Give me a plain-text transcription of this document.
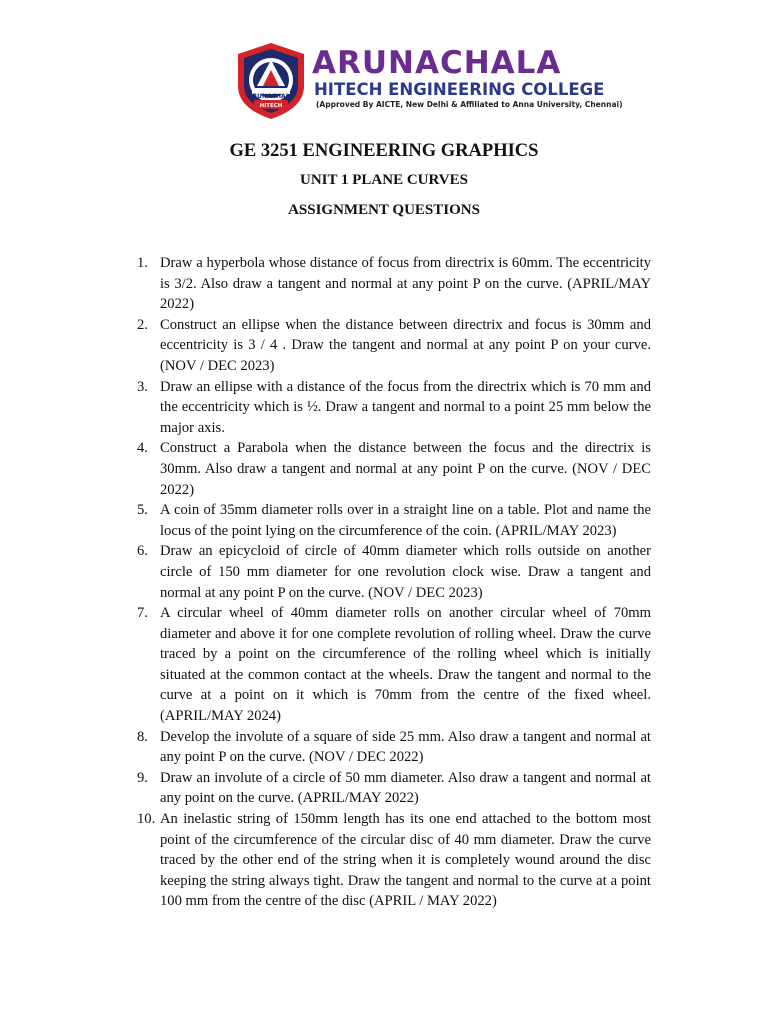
ARUNACHALA
HITECH
ARUNACHALA
HITECH ENGINEERING COLLEGE
(Approved By AICTE, New Delhi & Affiliated to Anna University, Chennai)
GE 3251 ENGINEERING GRAPHICS
UNIT 1 PLANE CURVES
ASSIGNMENT QUESTIONS
1. Draw a hyperbola whose distance of focus from directrix is 60mm. The eccentricity is 3/2. Also draw a tangent and normal at any point P on the curve. (APRIL/MAY 2022)
2. Construct an ellipse when the distance between directrix and focus is 30mm and eccentricity is 3 / 4 . Draw the tangent and normal at any point P on your curve. (NOV / DEC 2023)
3. Draw an ellipse with a distance of the focus from the directrix which is 70 mm and the eccentricity which is ½. Draw a tangent and normal to a point 25 mm below the major axis.
4. Construct a Parabola when the distance between the focus and the directrix is 30mm. Also draw a tangent and normal at any point P on the curve. (NOV / DEC 2022)
5. A coin of 35mm diameter rolls over in a straight line on a table. Plot and name the locus of the point lying on the circumference of the coin. (APRIL/MAY 2023)
6. Draw an epicycloid of circle of 40mm diameter which rolls outside on another circle of 150 mm diameter for one revolution clock wise. Draw a tangent and normal at any point P on the curve. (NOV / DEC 2023)
7. A circular wheel of 40mm diameter rolls on another circular wheel of 70mm diameter and above it for one complete revolution of rolling wheel. Draw the curve traced by a point on the circumference of the rolling wheel which is initially situated at the common contact at the wheels. Draw the tangent and normal to the curve at a point on it which is 70mm from the centre of the fixed wheel. (APRIL/MAY 2024)
8. Develop the involute of a square of side 25 mm. Also draw a tangent and normal at any point P on the curve. (NOV / DEC 2022)
9. Draw an involute of a circle of 50 mm diameter. Also draw a tangent and normal at any point on the curve. (APRIL/MAY 2022)
10. An inelastic string of 150mm length has its one end attached to the bottom most point of the circumference of the circular disc of 40 mm diameter. Draw the curve traced by the other end of the string when it is completely wound around the disc keeping the string always tight. Draw the tangent and normal to the curve at a point 100 mm from the centre of the disc (APRIL / MAY 2022)
